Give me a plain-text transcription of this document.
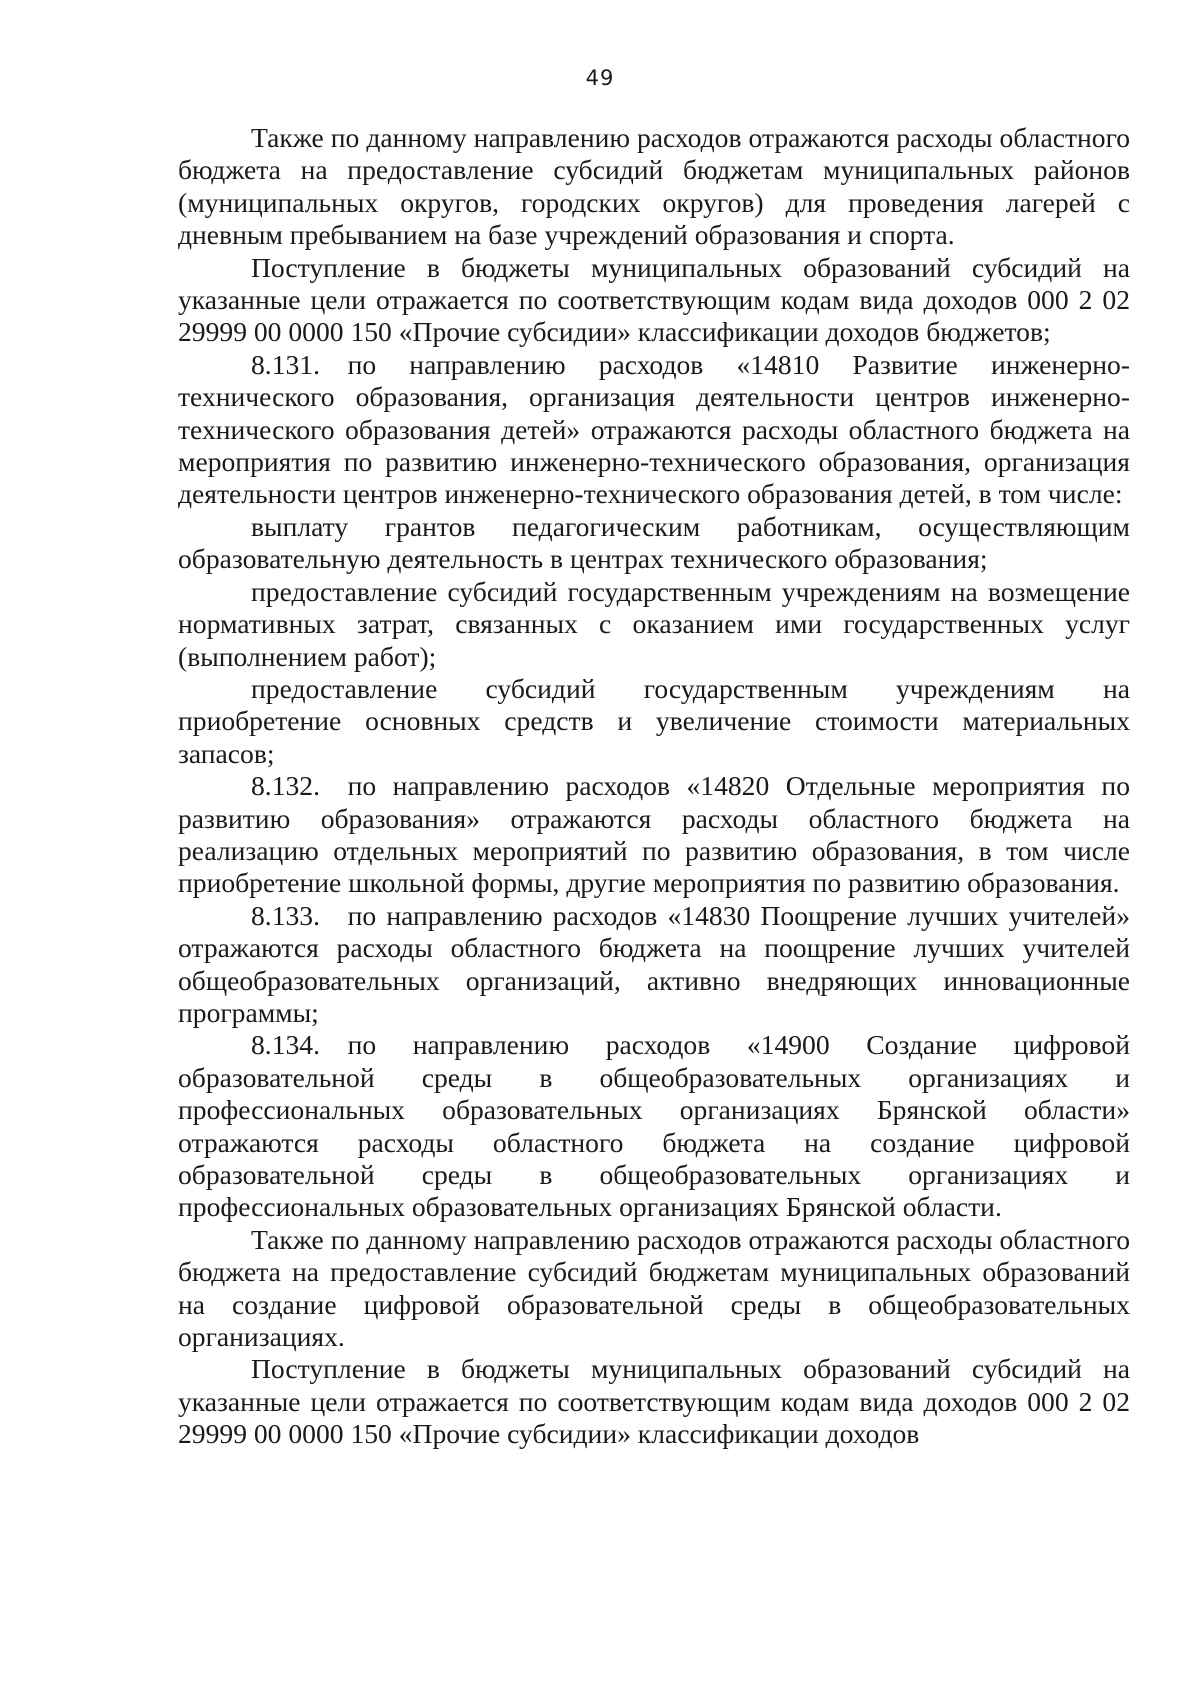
49

Также по данному направлению расходов отражаются расходы областного бюджета на предоставление субсидий бюджетам муниципальных районов (муниципальных округов, городских округов) для проведения лагерей с дневным пребыванием на базе учреждений образования и спорта.

Поступление в бюджеты муниципальных образований субсидий на указанные цели отражается по соответствующим кодам вида доходов 000 2 02 29999 00 0000 150 «Прочие субсидии» классификации доходов бюджетов;

8.131. по направлению расходов «14810 Развитие инженерно-технического образования, организация деятельности центров инженерно-технического образования детей» отражаются расходы областного бюджета на мероприятия по развитию инженерно-технического образования, организация деятельности центров инженерно-технического образования детей, в том числе:

выплату грантов педагогическим работникам, осуществляющим образовательную деятельность в центрах технического образования;

предоставление субсидий государственным учреждениям на возмещение нормативных затрат, связанных с оказанием ими государственных услуг (выполнением работ);

предоставление субсидий государственным учреждениям на приобретение основных средств и увеличение стоимости материальных запасов;

8.132. по направлению расходов «14820 Отдельные мероприятия по развитию образования» отражаются расходы областного бюджета на реализацию отдельных мероприятий по развитию образования, в том числе приобретение школьной формы, другие мероприятия по развитию образования.

8.133. по направлению расходов «14830 Поощрение лучших учителей» отражаются расходы областного бюджета на поощрение лучших учителей общеобразовательных организаций, активно внедряющих инновационные программы;

8.134. по направлению расходов «14900 Создание цифровой образовательной среды в общеобразовательных организациях и профессиональных образовательных организациях Брянской области» отражаются расходы областного бюджета на создание цифровой образовательной среды в общеобразовательных организациях и профессиональных образовательных организациях Брянской области.

Также по данному направлению расходов отражаются расходы областного бюджета на предоставление субсидий бюджетам муниципальных образований на создание цифровой образовательной среды в общеобразовательных организациях.

Поступление в бюджеты муниципальных образований субсидий на указанные цели отражается по соответствующим кодам вида доходов 000 2 02 29999 00 0000 150 «Прочие субсидии» классификации доходов
